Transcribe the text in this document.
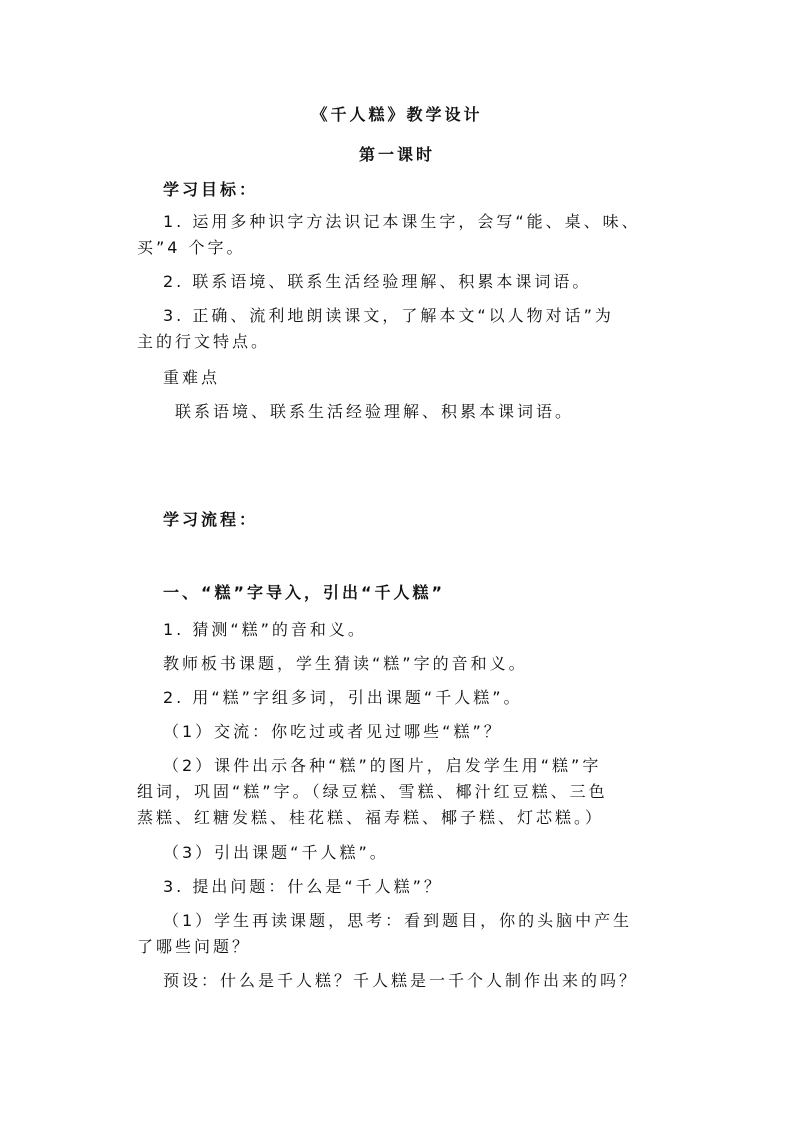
《千人糕》教学设计
第一课时
学习目标：
1. 运用多种识字方法识记本课生字，会写“能、桌、味、
买”4 个字。
2. 联系语境、联系生活经验理解、积累本课词语。
3. 正确、流利地朗读课文，了解本文“以人物对话”为
主的行文特点。
重难点
联系语境、联系生活经验理解、积累本课词语。
学习流程：
一、“糕”字导入，引出“千人糕”
1. 猜测“糕”的音和义。
教师板书课题，学生猜读“糕”字的音和义。
2. 用“糕”字组多词，引出课题“千人糕”。
（1）交流：你吃过或者见过哪些“糕”？
（2）课件出示各种“糕”的图片，启发学生用“糕”字
组词，巩固“糕”字。（绿豆糕、雪糕、椰汁红豆糕、三色
蒸糕、红糖发糕、桂花糕、福寿糕、椰子糕、灯芯糕。）
（3）引出课题“千人糕”。
3. 提出问题：什么是“千人糕”？
（1）学生再读课题，思考：看到题目，你的头脑中产生
了哪些问题？
预设：什么是千人糕？千人糕是一千个人制作出来的吗？
